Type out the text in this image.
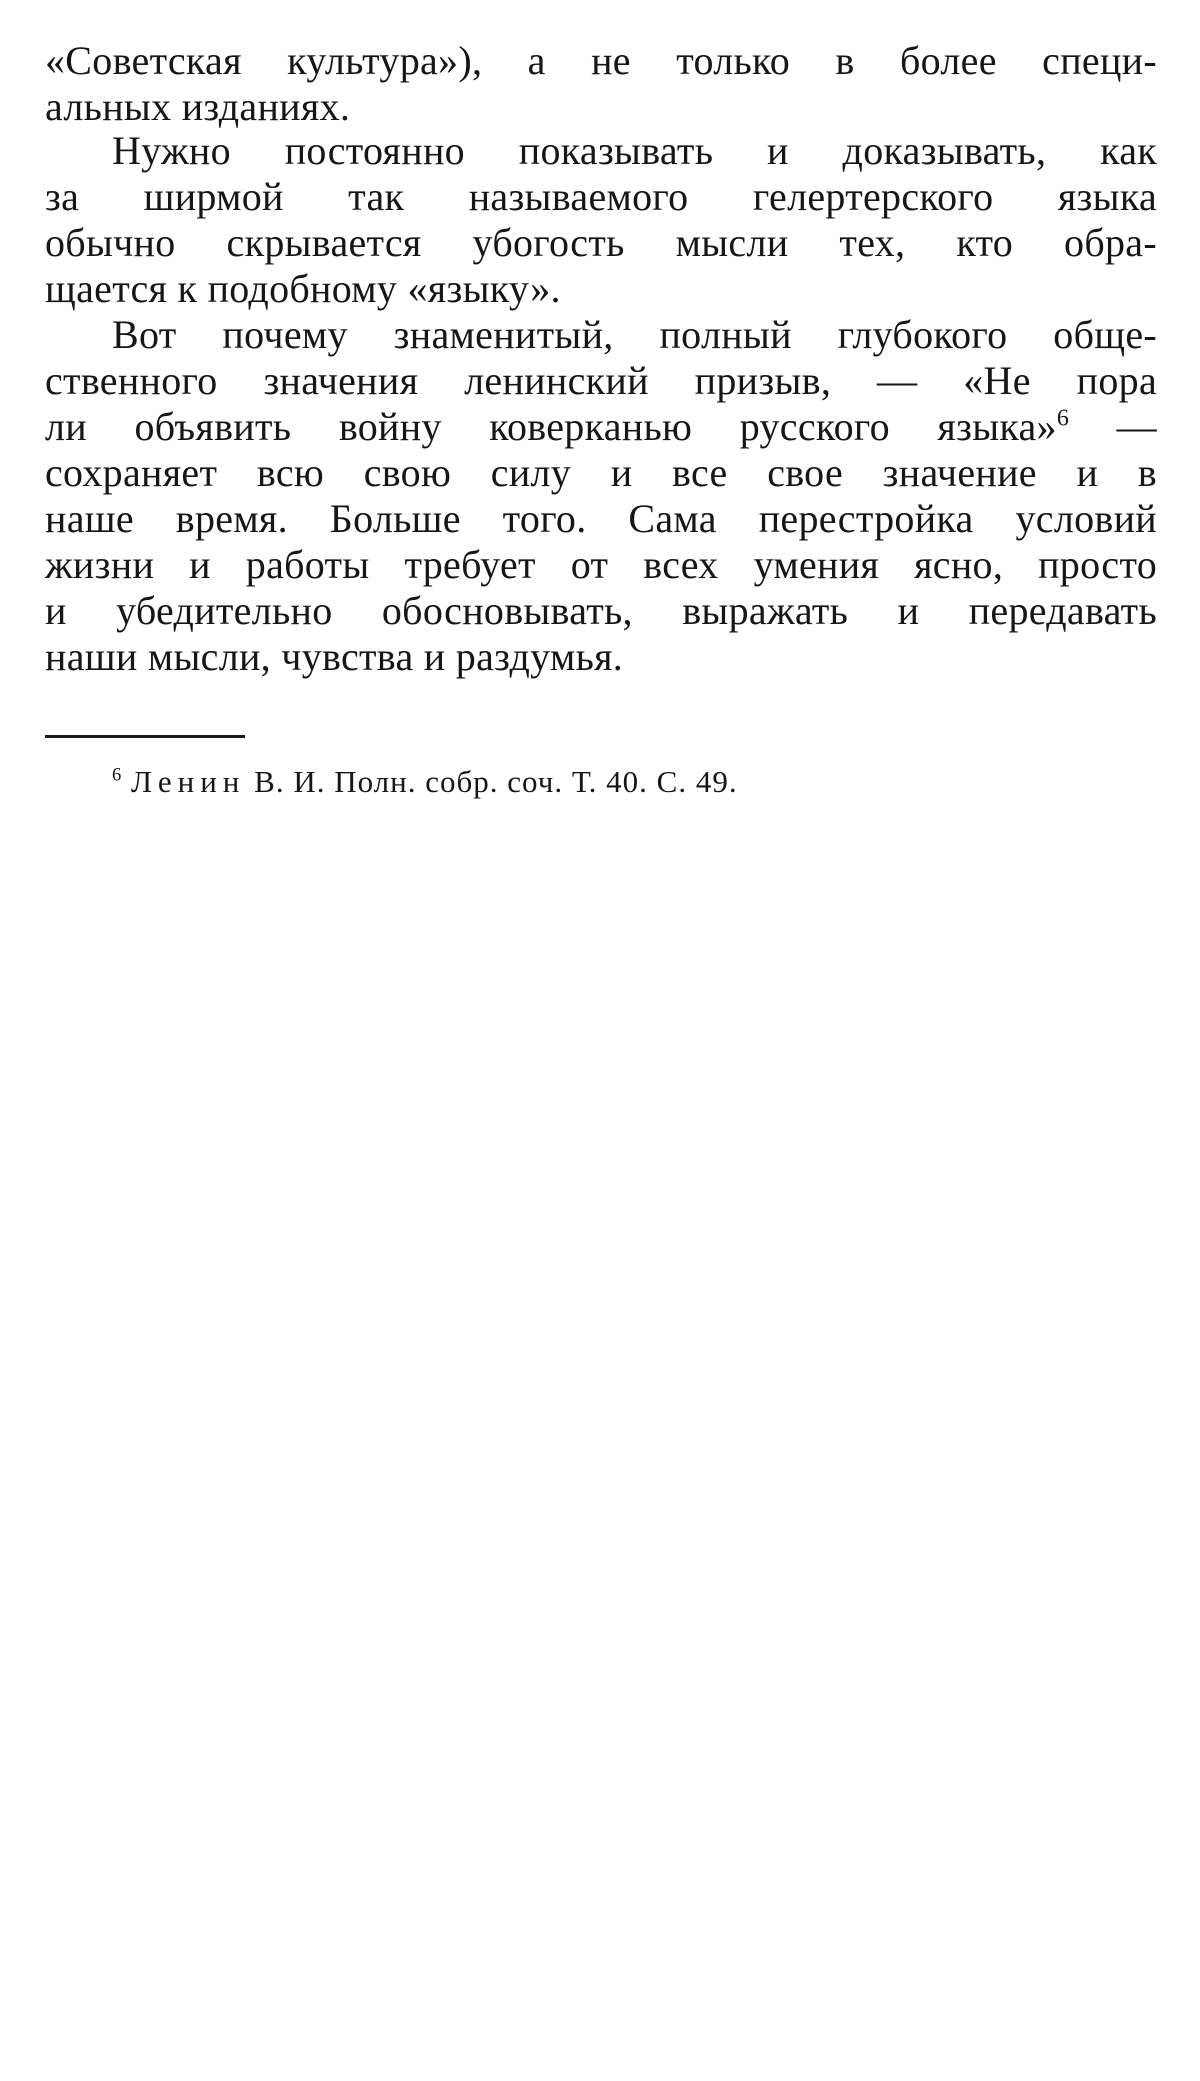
«Советская культура»), а не только в более специ-
альных изданиях.
Нужно постоянно показывать и доказывать, как
за ширмой так называемого гелертерского языка
обычно скрывается убогость мысли тех, кто обра-
щается к подобному «языку».
Вот почему знаменитый, полный глубокого обще-
ственного значения ленинский призыв, — «Не пора
ли объявить войну коверканью русского языка»$^6$ —
сохраняет всю свою силу и все свое значение и в
наше время. Больше того. Сама перестройка условий
жизни и работы требует от всех умения ясно, просто
и убедительно обосновывать, выражать и передавать
наши мысли, чувства и раздумья.
$^6$ Ленин В. И. Полн. собр. соч. Т. 40. С. 49.
